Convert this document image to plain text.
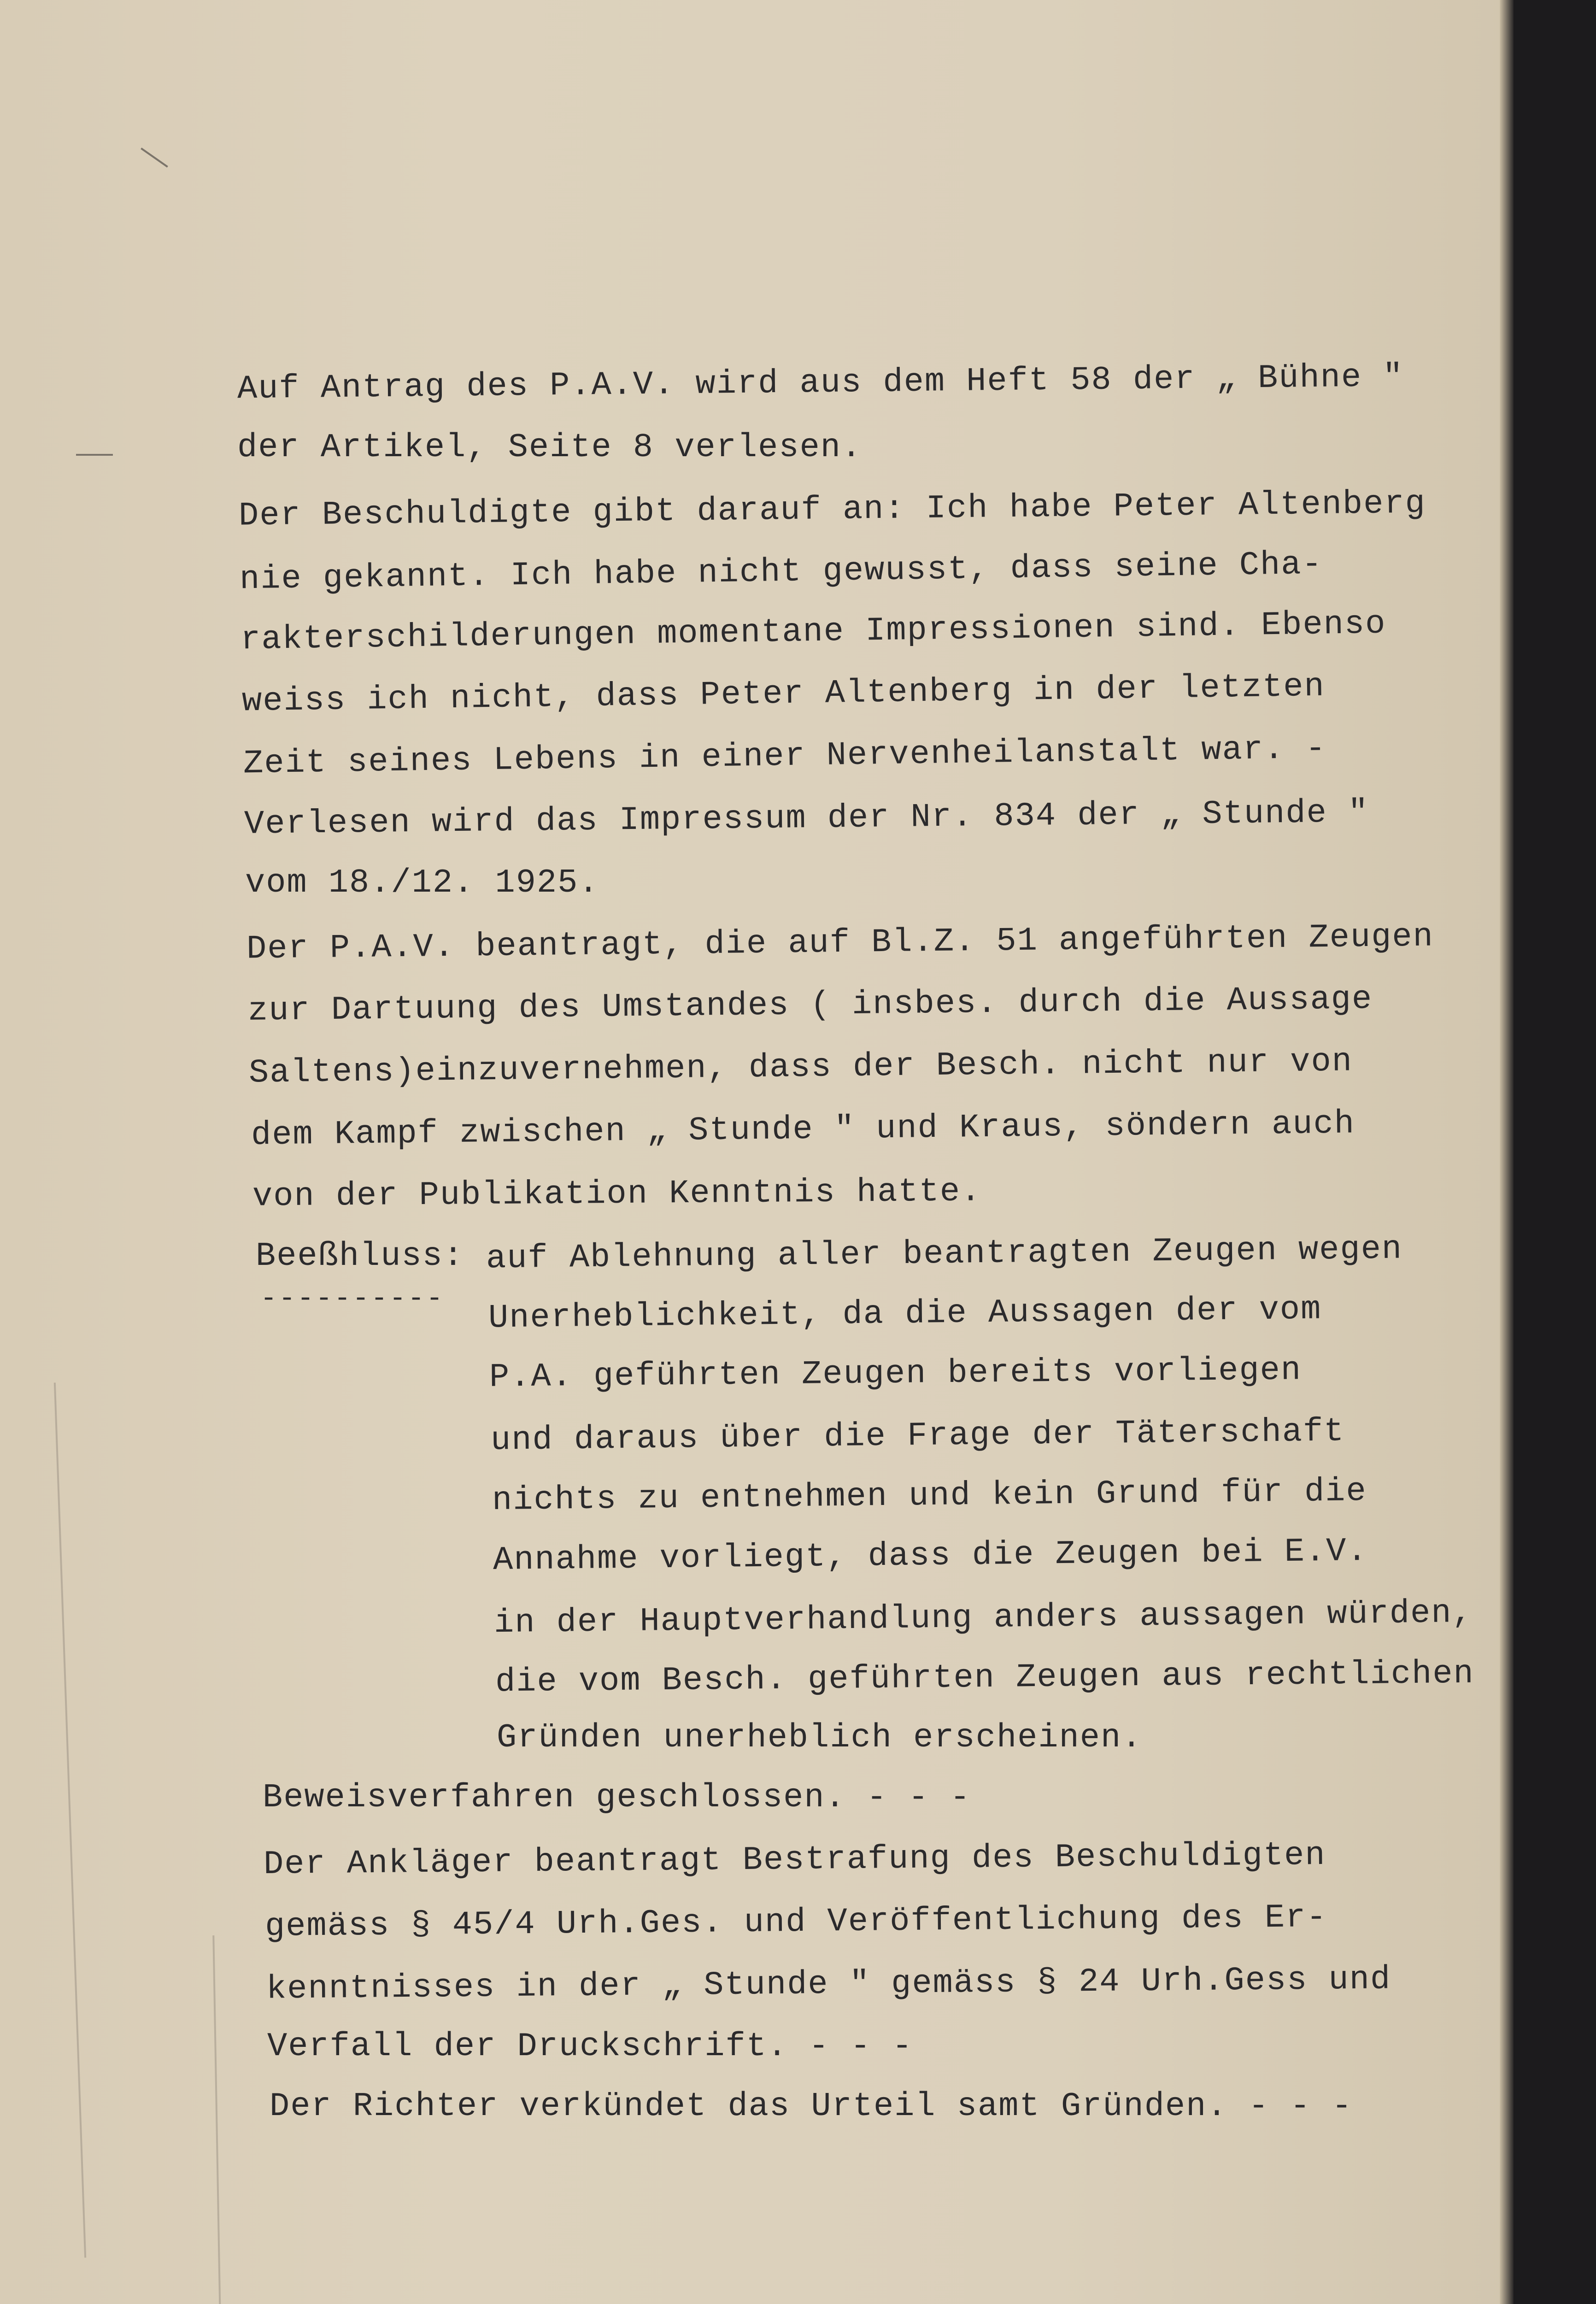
Auf Antrag des P.A.V. wird aus dem Heft 58 der „ Bühne "

der Artikel, Seite 8 verlesen.

Der Beschuldigte gibt darauf an: Ich habe Peter Altenberg

nie gekannt. Ich habe nicht gewusst, dass seine Cha-

rakterschilderungen momentane Impressionen sind. Ebenso

weiss ich nicht, dass Peter Altenberg in der letzten

Zeit seines Lebens in einer Nervenheilanstalt war. -

Verlesen wird das Impressum der Nr. 834 der „ Stunde "

vom 18./12. 1925.

Der P.A.V. beantragt, die auf Bl.Z. 51 angeführten Zeugen

zur Dartuung des Umstandes ( insbes. durch die Aussage

Saltens)einzuvernehmen, dass der Besch. nicht nur von

dem Kampf zwischen „ Stunde " und Kraus, söndern auch

von der Publikation Kenntnis hatte.

Beeßhluss:

----------

auf Ablehnung aller beantragten Zeugen wegen

Unerheblichkeit, da die Aussagen der vom

P.A. geführten Zeugen bereits vorliegen

und daraus über die Frage der Täterschaft

nichts zu entnehmen und kein Grund für die

Annahme vorliegt, dass die Zeugen bei E.V.

in der Hauptverhandlung anders aussagen würden,

die vom Besch. geführten Zeugen aus rechtlichen

Gründen unerheblich erscheinen.

Beweisverfahren geschlossen. - - -

Der Ankläger beantragt Bestrafung des Beschuldigten

gemäss § 45/4 Urh.Ges. und Veröffentlichung des Er-

kenntnisses in der „ Stunde " gemäss § 24 Urh.Gess und

Verfall der Druckschrift. - - -

Der Richter verkündet das Urteil samt Gründen. - - -
